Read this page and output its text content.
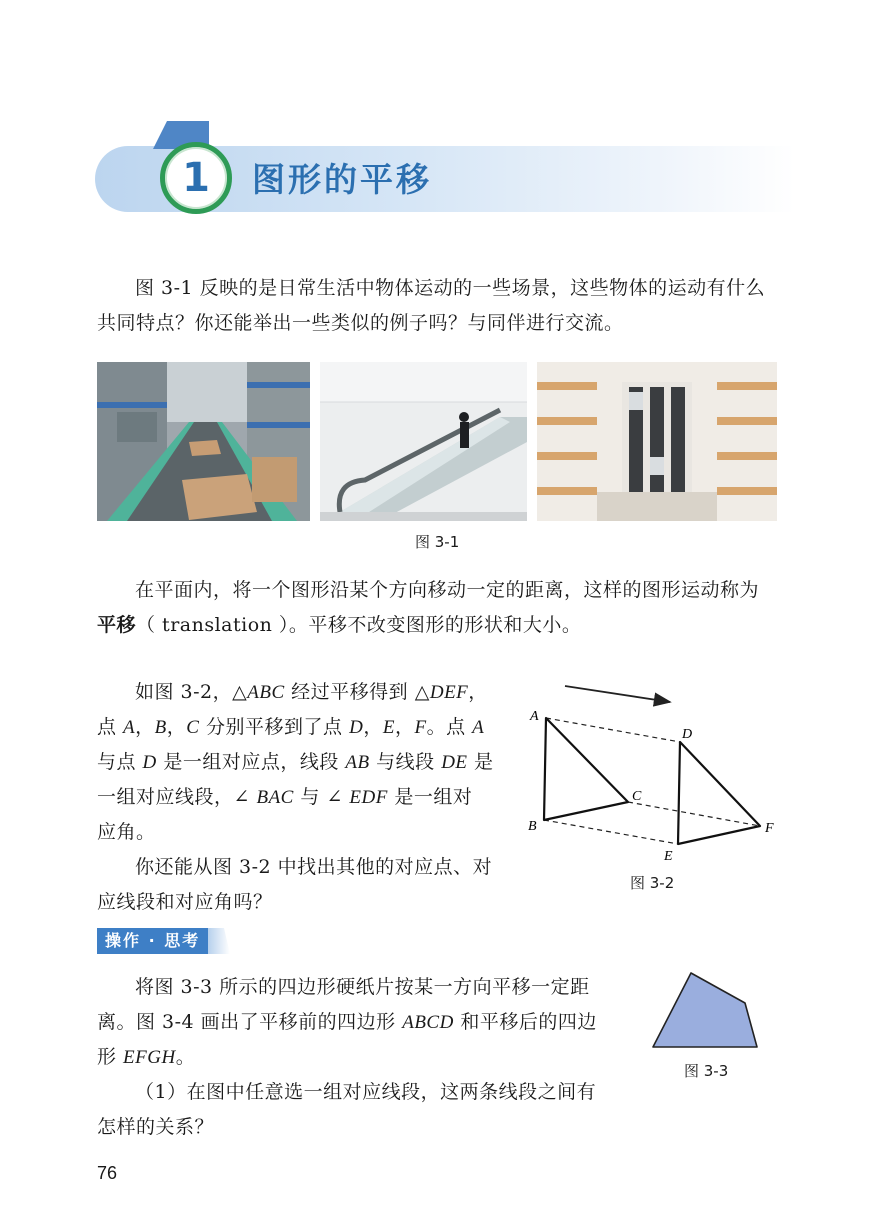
1	图形的平移
图 3-1 反映的是日常生活中物体运动的一些场景，这些物体的运动有什么
共同特点？你还能举出一些类似的例子吗？与同伴进行交流。
图 3-1
在平面内，将一个图形沿某个方向移动一定的距离，这样的图形运动称为
平移（ translation ）。平移不改变图形的形状和大小。
如图 3-2，△ABC 经过平移得到 △DEF，
点 A，B，C 分别平移到了点 D，E，F。点 A
与点 D 是一组对应点，线段 AB 与线段 DE 是
一组对应线段，∠ BAC 与 ∠ EDF 是一组对
应角。
你还能从图 3-2 中找出其他的对应点、对
应线段和对应角吗？
A
B
C
D
E
F
图 3-2
操作 · 思考
将图 3-3 所示的四边形硬纸片按某一方向平移一定距
离。图 3-4 画出了平移前的四边形 ABCD 和平移后的四边
形 EFGH。
（1）在图中任意选一组对应线段，这两条线段之间有
怎样的关系？
图 3-3
76
